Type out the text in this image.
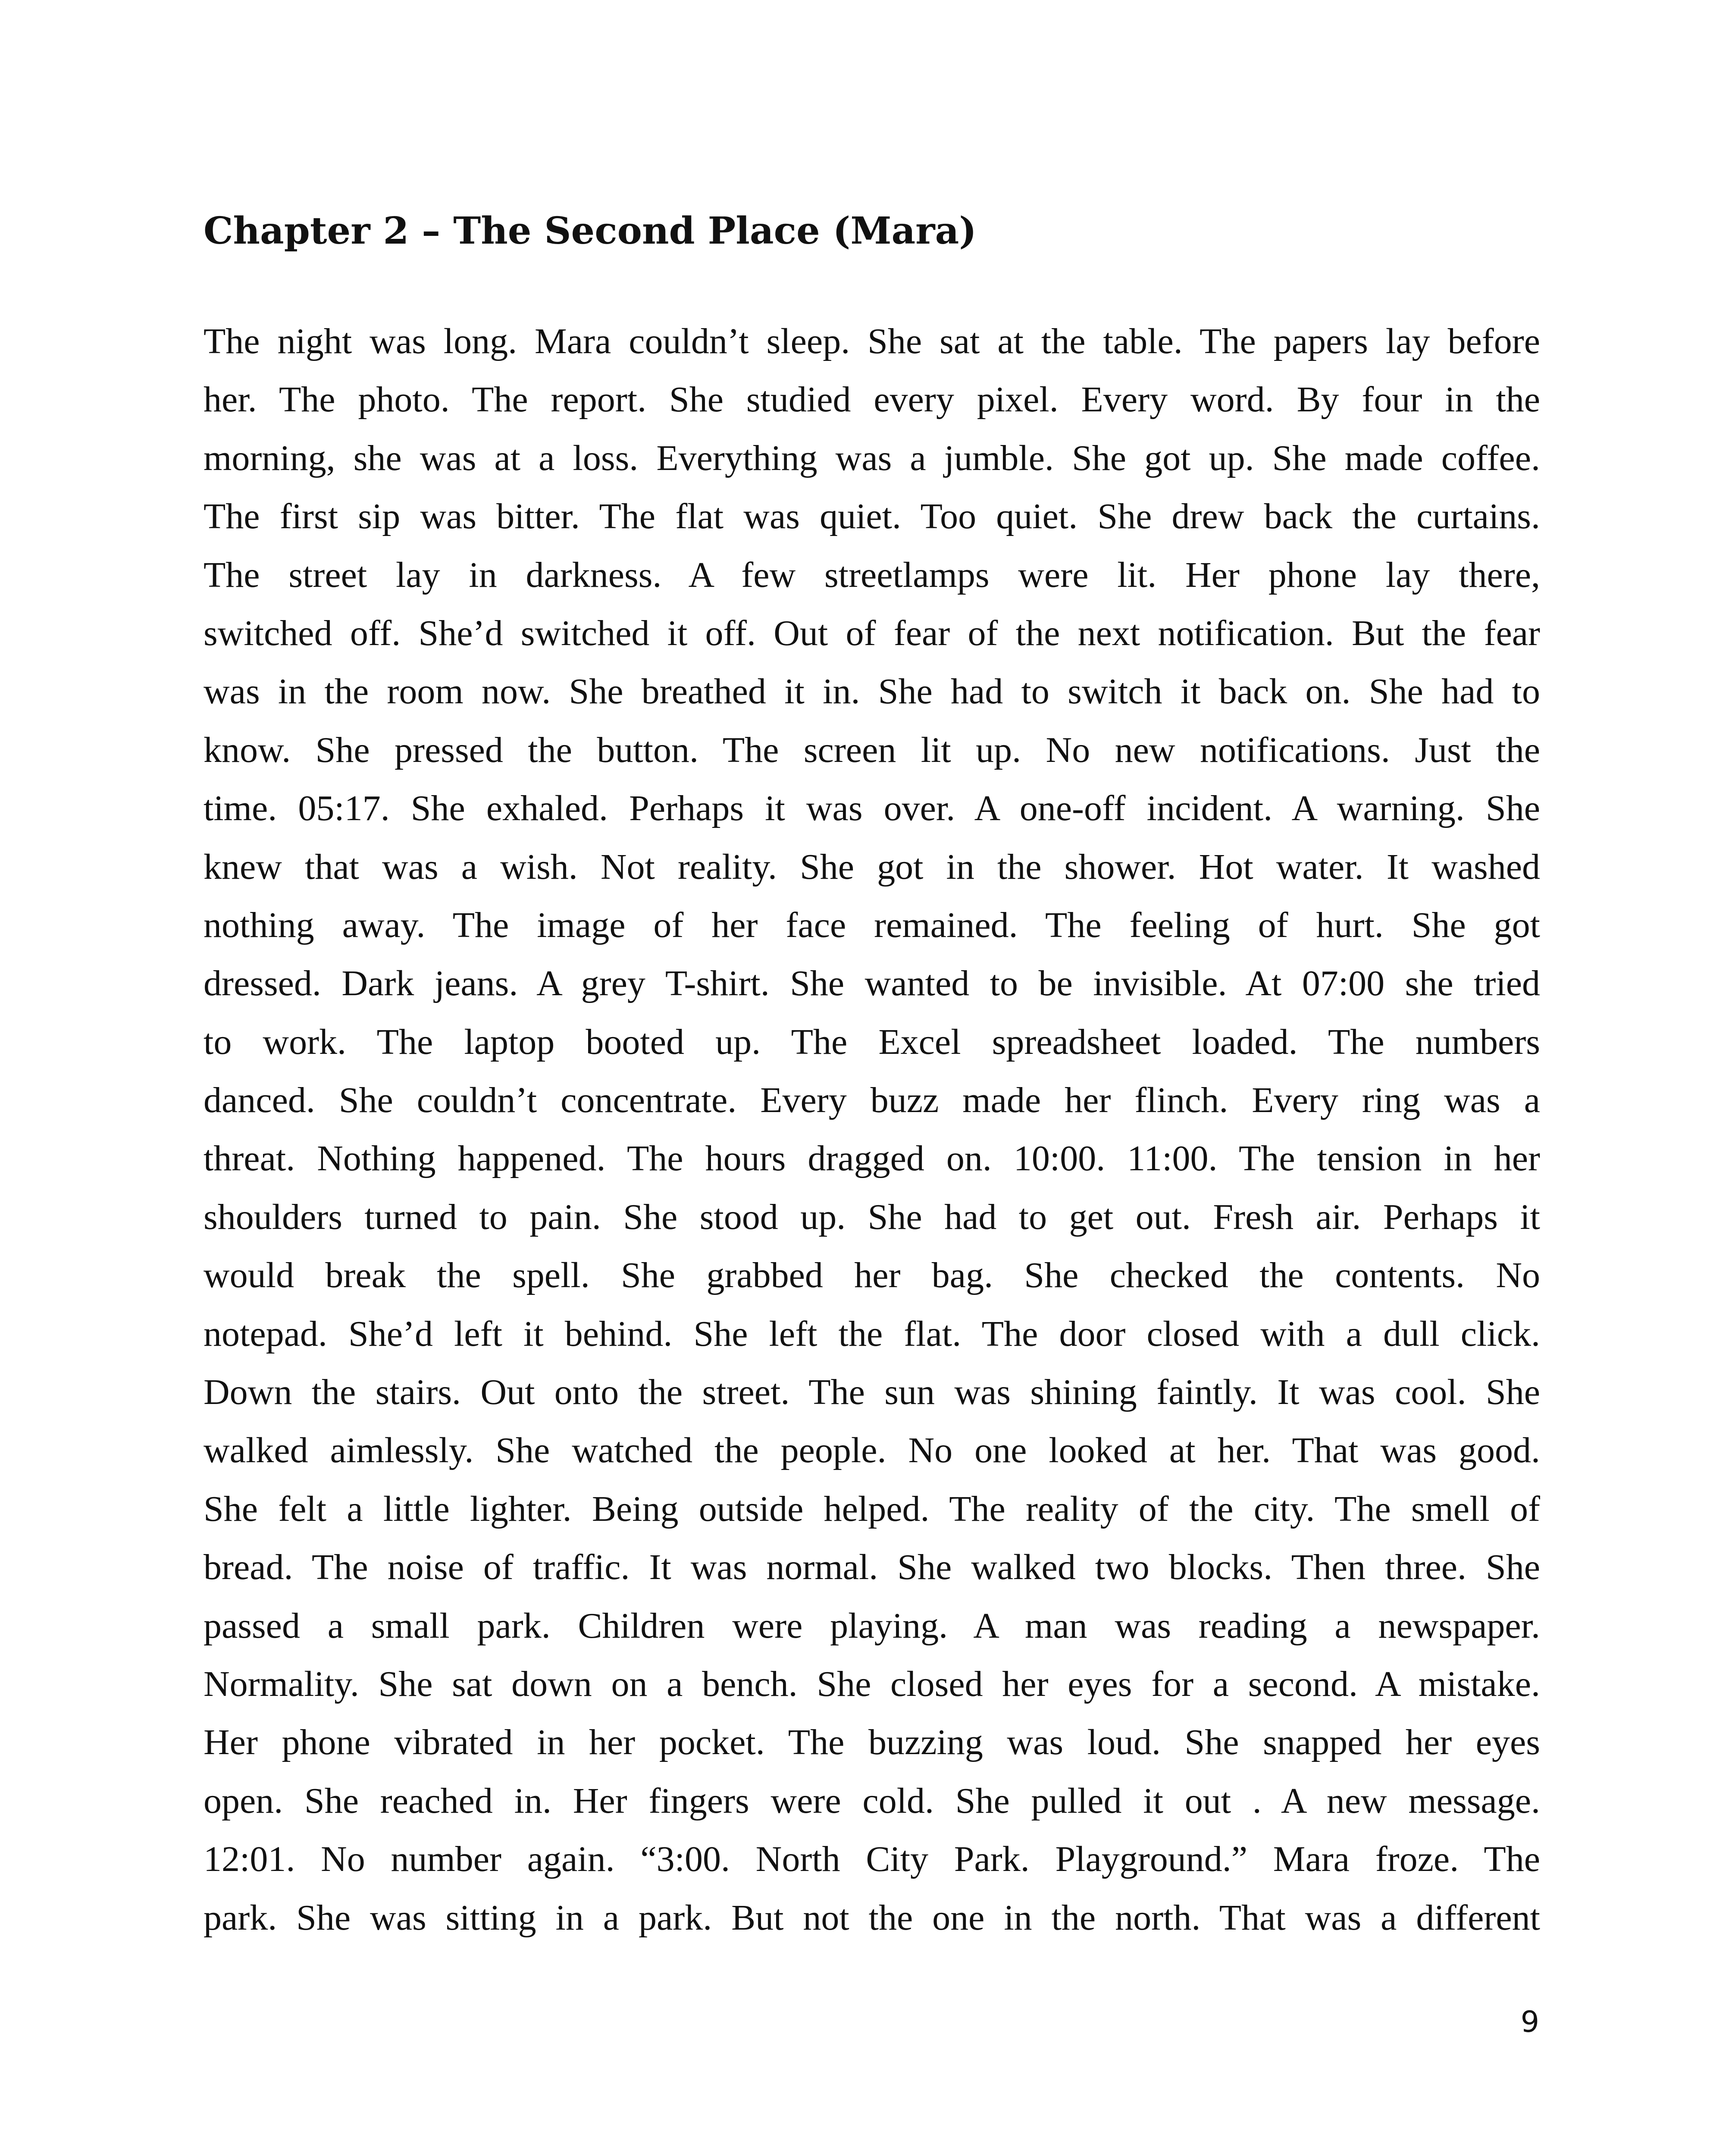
Chapter 2 – The Second Place (Mara)
The night was long. Mara couldn’t sleep. She sat at the table. The papers lay before
her. The photo. The report. She studied every pixel. Every word. By four in the
morning, she was at a loss. Everything was a jumble. She got up. She made coffee.
The first sip was bitter. The flat was quiet. Too quiet. She drew back the curtains.
The street lay in darkness. A few streetlamps were lit. Her phone lay there,
switched off. She’d switched it off. Out of fear of the next notification. But the fear
was in the room now. She breathed it in. She had to switch it back on. She had to
know. She pressed the button. The screen lit up. No new notifications. Just the
time. 05:17. She exhaled. Perhaps it was over. A one-off incident. A warning. She
knew that was a wish. Not reality. She got in the shower. Hot water. It washed
nothing away. The image of her face remained. The feeling of hurt. She got
dressed. Dark jeans. A grey T-shirt. She wanted to be invisible. At 07:00 she tried
to work. The laptop booted up. The Excel spreadsheet loaded. The numbers
danced. She couldn’t concentrate. Every buzz made her flinch. Every ring was a
threat. Nothing happened. The hours dragged on. 10:00. 11:00. The tension in her
shoulders turned to pain. She stood up. She had to get out. Fresh air. Perhaps it
would break the spell. She grabbed her bag. She checked the contents. No
notepad. She’d left it behind. She left the flat. The door closed with a dull click.
Down the stairs. Out onto the street. The sun was shining faintly. It was cool. She
walked aimlessly. She watched the people. No one looked at her. That was good.
She felt a little lighter. Being outside helped. The reality of the city. The smell of
bread. The noise of traffic. It was normal. She walked two blocks. Then three. She
passed a small park. Children were playing. A man was reading a newspaper.
Normality. She sat down on a bench. She closed her eyes for a second. A mistake.
Her phone vibrated in her pocket. The buzzing was loud. She snapped her eyes
open. She reached in. Her fingers were cold. She pulled it out . A new message.
12:01. No number again. “3:00. North City Park. Playground.” Mara froze. The
park. She was sitting in a park. But not the one in the north. That was a different
9
